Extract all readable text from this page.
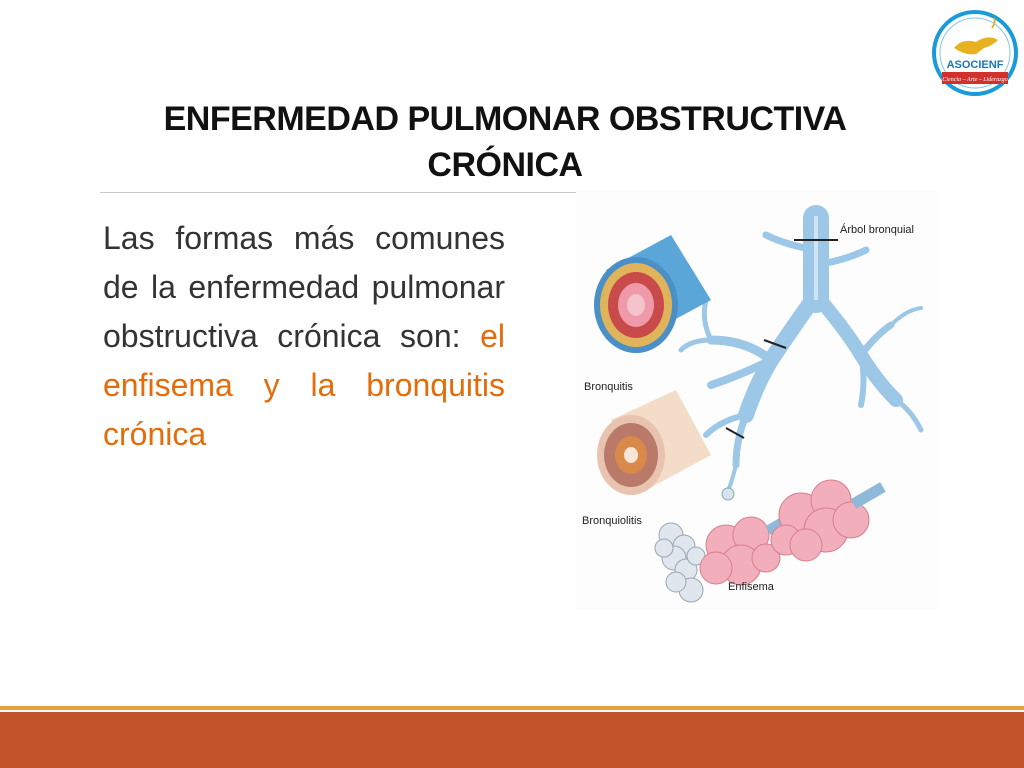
ENFERMEDAD PULMONAR OBSTRUCTIVA
CRÓNICA

Las formas más comunes de la enfermedad pulmonar obstructiva crónica son: el enfisema y la bronquitis crónica

ASOCIENF
Ciencia – Arte – Liderazgo
Árbol bronquial
Bronquitis
Bronquiolitis
Enfisema
